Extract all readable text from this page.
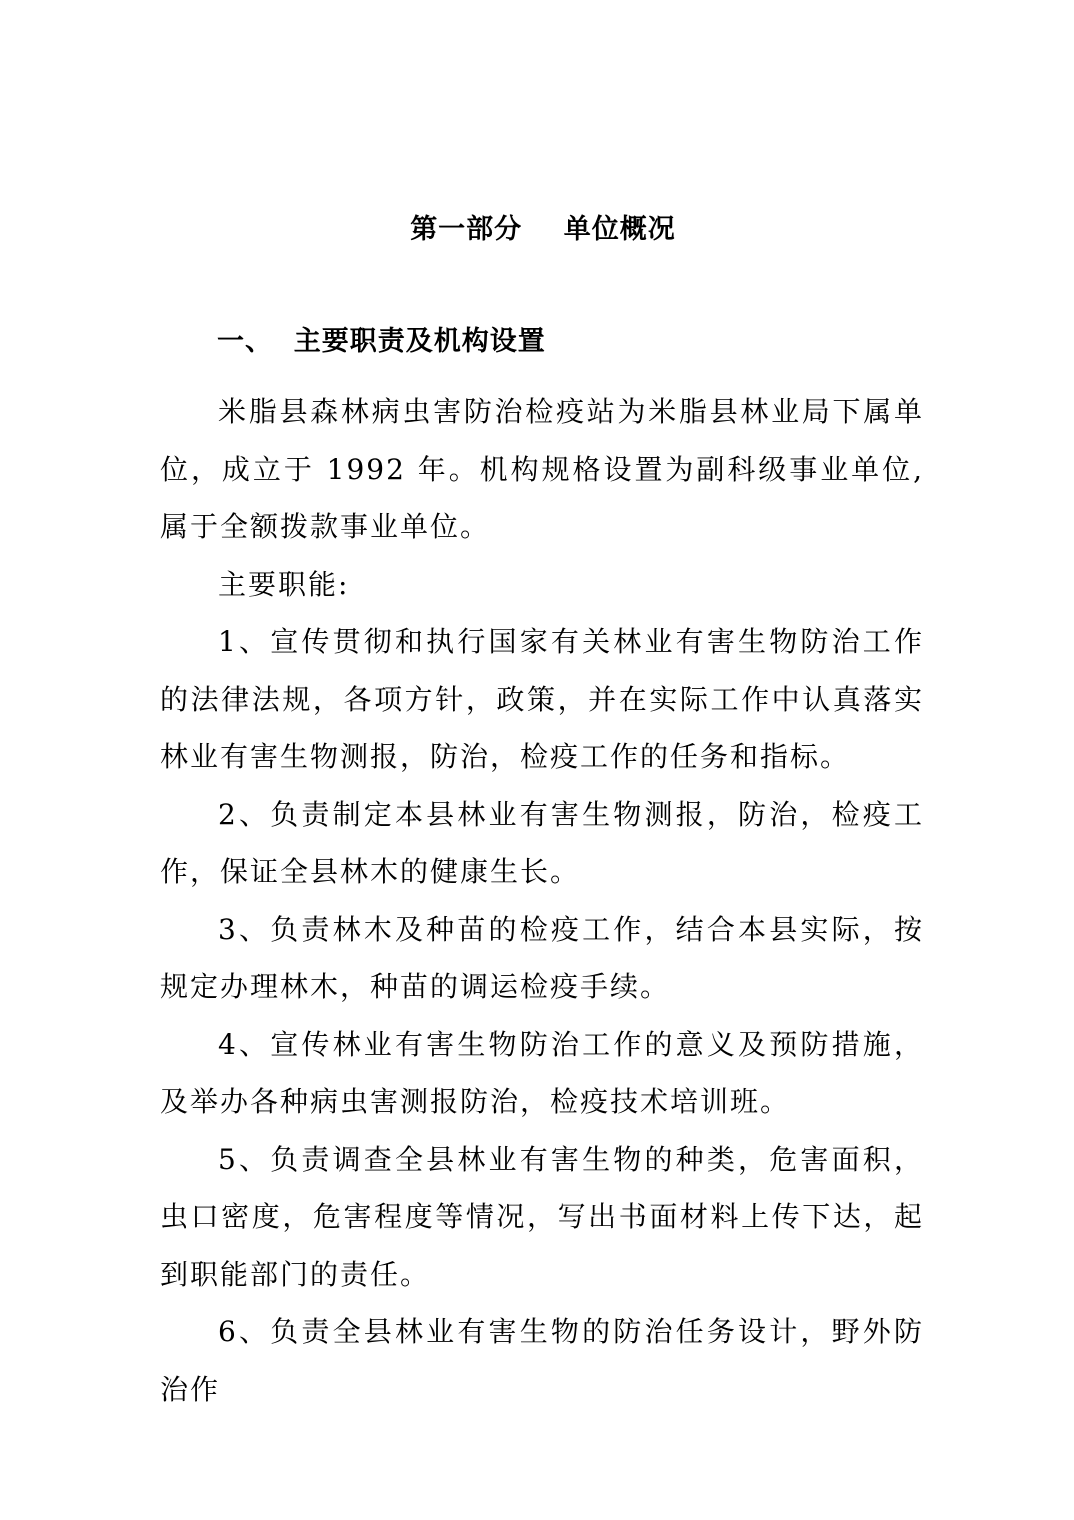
第一部分    单位概况
一、  主要职责及机构设置

米脂县森林病虫害防治检疫站为米脂县林业局下属单位，成立于 1992 年。机构规格设置为副科级事业单位,属于全额拨款事业单位。

主要职能:

1、宣传贯彻和执行国家有关林业有害生物防治工作的法律法规，各项方针，政策，并在实际工作中认真落实林业有害生物测报，防治，检疫工作的任务和指标。

2、负责制定本县林业有害生物测报，防治，检疫工作，保证全县林木的健康生长。

3、负责林木及种苗的检疫工作，结合本县实际，按规定办理林木，种苗的调运检疫手续。

4、宣传林业有害生物防治工作的意义及预防措施，及举办各种病虫害测报防治，检疫技术培训班。

5、负责调查全县林业有害生物的种类，危害面积，虫口密度，危害程度等情况，写出书面材料上传下达，起到职能部门的责任。

6、负责全县林业有害生物的防治任务设计，野外防治作
